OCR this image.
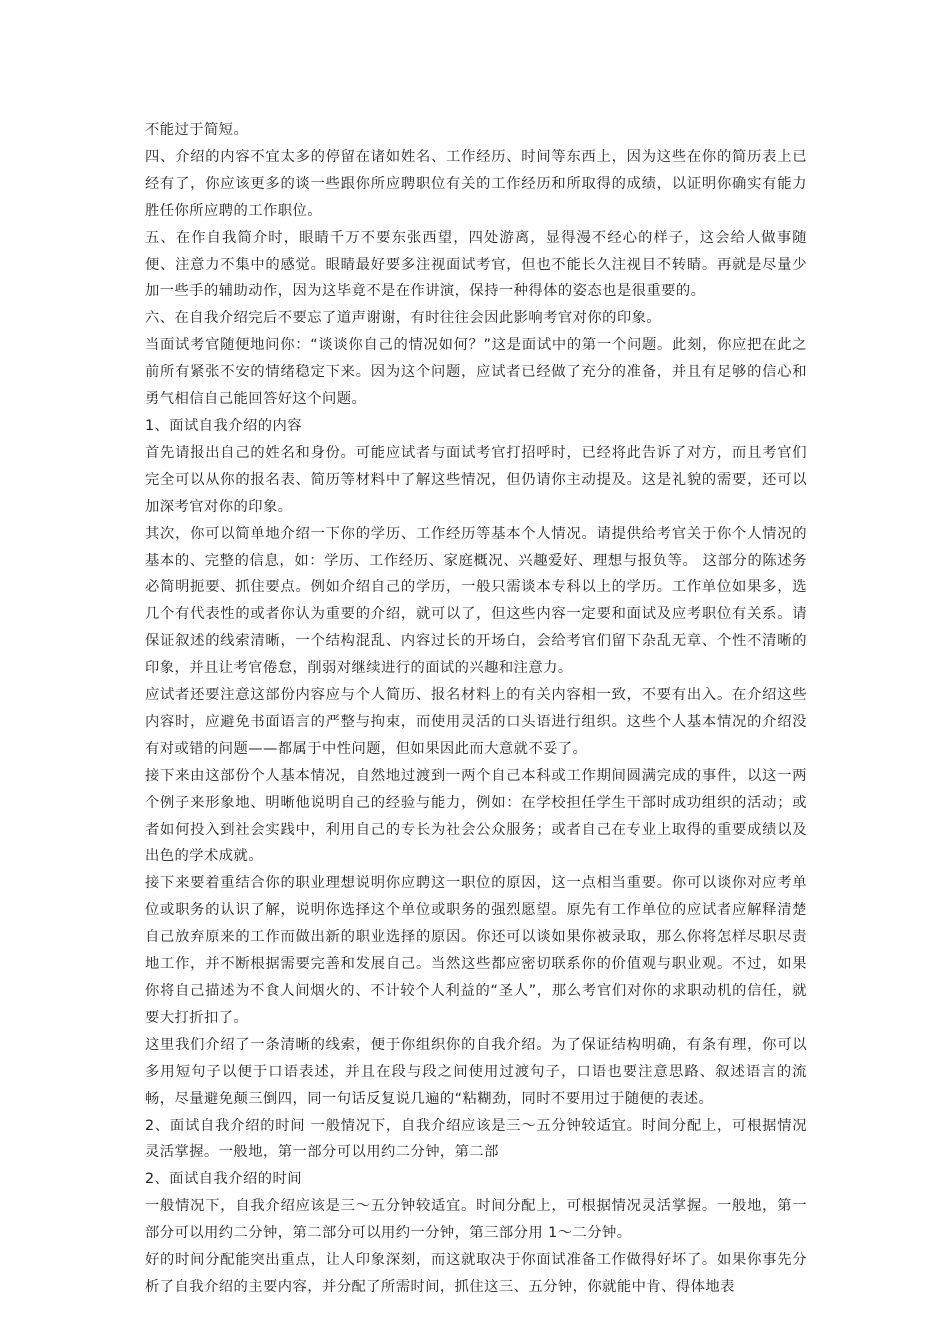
不能过于简短。

四、介绍的内容不宜太多的停留在诸如姓名、工作经历、时间等东西上，因为这些在你的简历表上已经有了，你应该更多的谈一些跟你所应聘职位有关的工作经历和所取得的成绩，以证明你确实有能力胜任你所应聘的工作职位。

五、在作自我简介时，眼睛千万不要东张西望，四处游离，显得漫不经心的样子，这会给人做事随便、注意力不集中的感觉。眼睛最好要多注视面试考官，但也不能长久注视目不转睛。再就是尽量少加一些手的辅助动作，因为这毕竟不是在作讲演，保持一种得体的姿态也是很重要的。

六、在自我介绍完后不要忘了道声谢谢，有时往往会因此影响考官对你的印象。

当面试考官随便地问你：“谈谈你自己的情况如何？”这是面试中的第一个问题。此刻，你应把在此之前所有紧张不安的情绪稳定下来。因为这个问题，应试者已经做了充分的准备，并且有足够的信心和勇气相信自己能回答好这个问题。

1、面试自我介绍的内容

首先请报出自己的姓名和身份。可能应试者与面试考官打招呼时，已经将此告诉了对方，而且考官们完全可以从你的报名表、简历等材料中了解这些情况，但仍请你主动提及。这是礼貌的需要，还可以加深考官对你的印象。

其次，你可以简单地介绍一下你的学历、工作经历等基本个人情况。请提供给考官关于你个人情况的基本的、完整的信息，如：学历、工作经历、家庭概况、兴趣爱好、理想与报负等。 这部分的陈述务必简明扼要、抓住要点。例如介绍自己的学历，一般只需谈本专科以上的学历。工作单位如果多，选几个有代表性的或者你认为重要的介绍，就可以了，但这些内容一定要和面试及应考职位有关系。请保证叙述的线索清晰，一个结构混乱、内容过长的开场白，会给考官们留下杂乱无章、个性不清晰的印象，并且让考官倦怠，削弱对继续进行的面试的兴趣和注意力。

应试者还要注意这部份内容应与个人简历、报名材料上的有关内容相一致，不要有出入。在介绍这些内容时，应避免书面语言的严整与拘束，而使用灵活的口头语进行组织。这些个人基本情况的介绍没有对或错的问题——都属于中性问题，但如果因此而大意就不妥了。

接下来由这部份个人基本情况，自然地过渡到一两个自己本科或工作期间圆满完成的事件，以这一两个例子来形象地、明晰他说明自己的经验与能力，例如：在学校担任学生干部时成功组织的活动；或者如何投入到社会实践中，利用自己的专长为社会公众服务；或者自己在专业上取得的重要成绩以及出色的学术成就。

接下来要着重结合你的职业理想说明你应聘这一职位的原因，这一点相当重要。你可以谈你对应考单位或职务的认识了解，说明你选择这个单位或职务的强烈愿望。原先有工作单位的应试者应解释清楚自己放弃原来的工作而做出新的职业选择的原因。你还可以谈如果你被录取，那么你将怎样尽职尽责地工作，并不断根据需要完善和发展自己。当然这些都应密切联系你的价值观与职业观。不过，如果你将自己描述为不食人间烟火的、不计较个人利益的“圣人”，那么考官们对你的求职动机的信任，就要大打折扣了。

这里我们介绍了一条清晰的线索，便于你组织你的自我介绍。为了保证结构明确，有条有理，你可以多用短句子以便于口语表述，并且在段与段之间使用过渡句子，口语也要注意思路、叙述语言的流畅，尽量避免颠三倒四，同一句话反复说几遍的“粘糊劲，同时不要用过于随便的表述。

2、面试自我介绍的时间 一般情况下，自我介绍应该是三～五分钟较适宜。时间分配上，可根据情况灵活掌握。一般地，第一部分可以用约二分钟，第二部

2、面试自我介绍的时间

一般情况下，自我介绍应该是三～五分钟较适宜。时间分配上，可根据情况灵活掌握。一般地，第一部分可以用约二分钟，第二部分可以用约一分钟，第三部分用 1～二分钟。

好的时间分配能突出重点，让人印象深刻，而这就取决于你面试准备工作做得好坏了。如果你事先分析了自我介绍的主要内容，并分配了所需时间，抓住这三、五分钟，你就能中肯、得体地表
